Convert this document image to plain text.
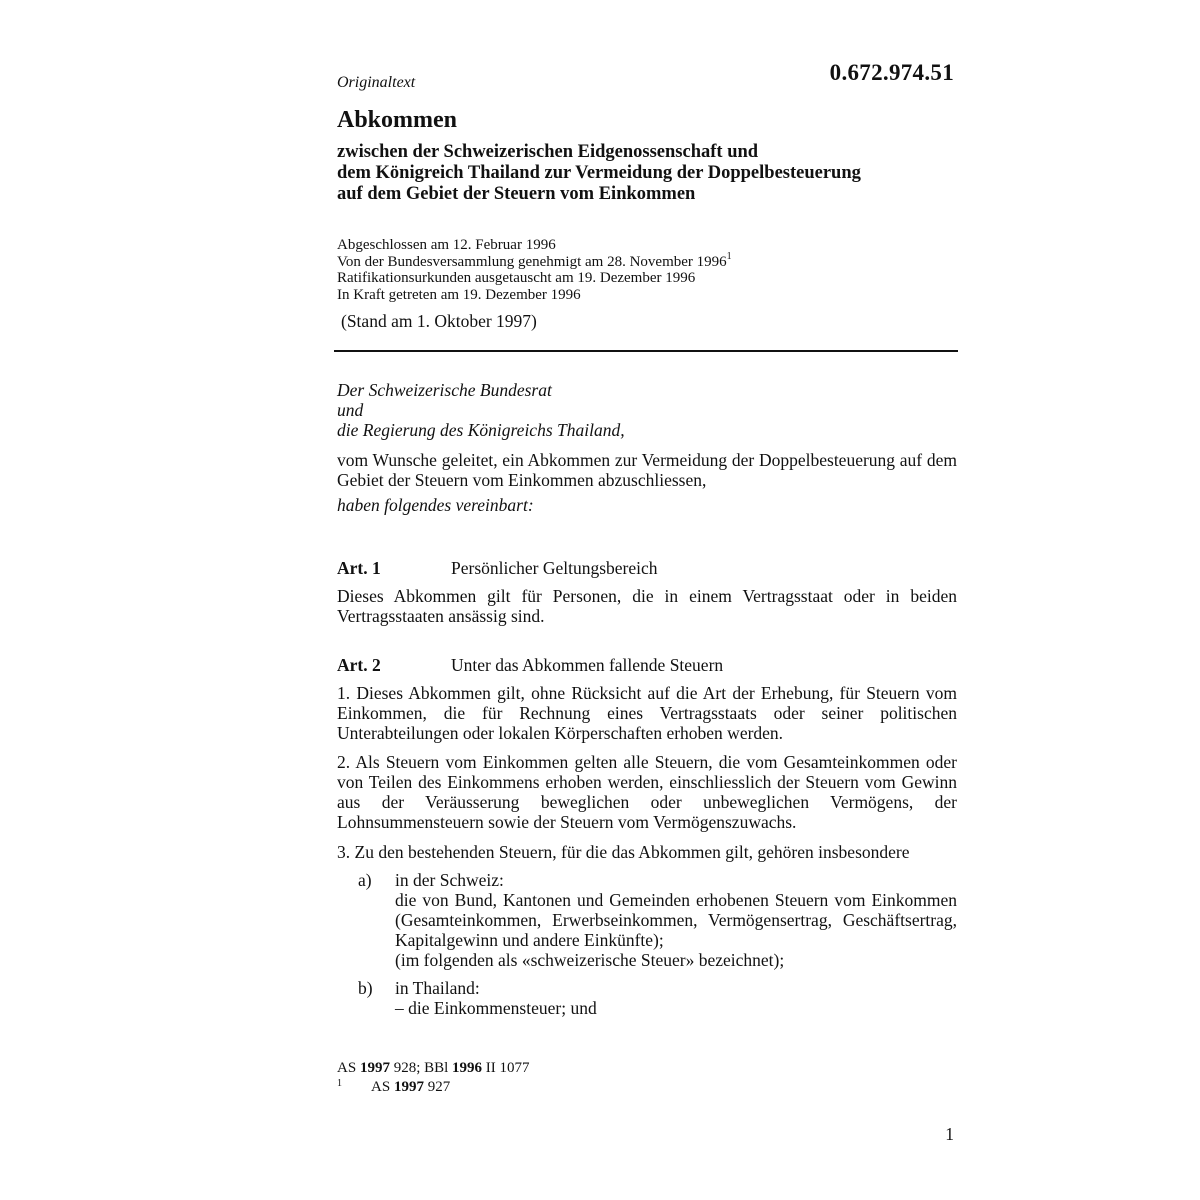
Originaltext	0.672.974.51
Abkommen
zwischen der Schweizerischen Eidgenossenschaft und
dem Königreich Thailand zur Vermeidung der Doppelbesteuerung
auf dem Gebiet der Steuern vom Einkommen
Abgeschlossen am 12. Februar 1996
Von der Bundesversammlung genehmigt am 28. November 1996$^1$
Ratifikationsurkunden ausgetauscht am 19. Dezember 1996
In Kraft getreten am 19. Dezember 1996
(Stand am 1. Oktober 1997)
Der Schweizerische Bundesrat
und
die Regierung des Königreichs Thailand,
vom Wunsche geleitet, ein Abkommen zur Vermeidung der Doppelbesteuerung auf dem Gebiet der Steuern vom Einkommen abzuschliessen,
haben folgendes vereinbart:
Art. 1	Persönlicher Geltungsbereich
Dieses Abkommen gilt für Personen, die in einem Vertragsstaat oder in beiden Vertragsstaaten ansässig sind.
Art. 2	Unter das Abkommen fallende Steuern
1. Dieses Abkommen gilt, ohne Rücksicht auf die Art der Erhebung, für Steuern vom Einkommen, die für Rechnung eines Vertragsstaats oder seiner politischen Unterabteilungen oder lokalen Körperschaften erhoben werden.
2. Als Steuern vom Einkommen gelten alle Steuern, die vom Gesamteinkommen oder von Teilen des Einkommens erhoben werden, einschliesslich der Steuern vom Gewinn aus der Veräusserung beweglichen oder unbeweglichen Vermögens, der Lohnsummensteuern sowie der Steuern vom Vermögenszuwachs.
3. Zu den bestehenden Steuern, für die das Abkommen gilt, gehören insbesondere
a) in der Schweiz:
die von Bund, Kantonen und Gemeinden erhobenen Steuern vom Einkommen (Gesamteinkommen, Erwerbseinkommen, Vermögensertrag, Geschäftsertrag, Kapitalgewinn und andere Einkünfte);
(im folgenden als «schweizerische Steuer» bezeichnet);
b) in Thailand:
– die Einkommensteuer; und
AS 1997 928; BBl 1996 II 1077
1 AS 1997 927
1
